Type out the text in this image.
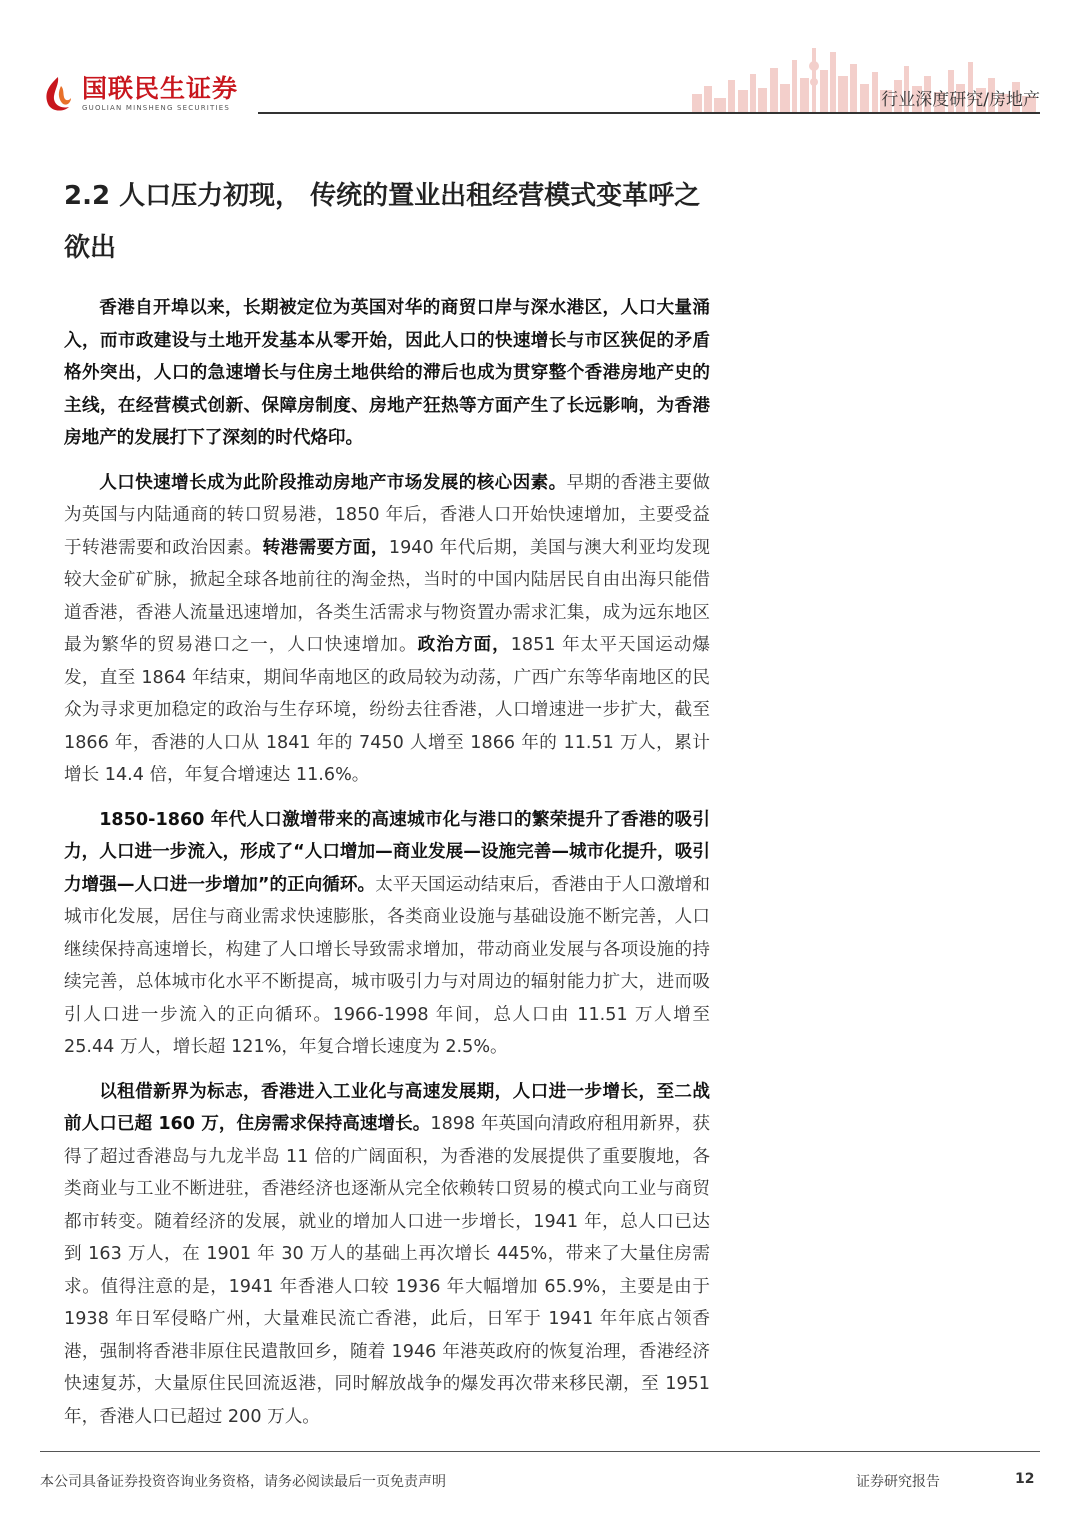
国联民生证券
GUOLIAN MINSHENG SECURITIES	行业深度研究/房地产
2.2 人口压力初现， 传统的置业出租经营模式变革呼之欲出

香港自开埠以来，长期被定位为英国对华的商贸口岸与深水港区，人口大量涌入，而市政建设与土地开发基本从零开始，因此人口的快速增长与市区狭促的矛盾格外突出，人口的急速增长与住房土地供给的滞后也成为贯穿整个香港房地产史的主线，在经营模式创新、保障房制度、房地产狂热等方面产生了长远影响，为香港房地产的发展打下了深刻的时代烙印。

人口快速增长成为此阶段推动房地产市场发展的核心因素。早期的香港主要做为英国与内陆通商的转口贸易港，1850 年后，香港人口开始快速增加，主要受益于转港需要和政治因素。转港需要方面，1940 年代后期，美国与澳大利亚均发现较大金矿矿脉，掀起全球各地前往的淘金热，当时的中国内陆居民自由出海只能借道香港，香港人流量迅速增加，各类生活需求与物资置办需求汇集，成为远东地区最为繁华的贸易港口之一，人口快速增加。政治方面，1851 年太平天国运动爆发，直至 1864 年结束，期间华南地区的政局较为动荡，广西广东等华南地区的民众为寻求更加稳定的政治与生存环境，纷纷去往香港，人口增速进一步扩大，截至 1866 年，香港的人口从 1841 年的 7450 人增至 1866 年的 11.51 万人，累计增长 14.4 倍，年复合增速达 11.6%。

1850-1860 年代人口激增带来的高速城市化与港口的繁荣提升了香港的吸引力，人口进一步流入，形成了“人口增加—商业发展—设施完善—城市化提升，吸引力增强—人口进一步增加”的正向循环。太平天国运动结束后，香港由于人口激增和城市化发展，居住与商业需求快速膨胀，各类商业设施与基础设施不断完善，人口继续保持高速增长，构建了人口增长导致需求增加，带动商业发展与各项设施的持续完善，总体城市化水平不断提高，城市吸引力与对周边的辐射能力扩大，进而吸引人口进一步流入的正向循环。1966-1998 年间，总人口由 11.51 万人增至 25.44 万人，增长超 121%，年复合增长速度为 2.5%。

以租借新界为标志，香港进入工业化与高速发展期，人口进一步增长，至二战前人口已超 160 万，住房需求保持高速增长。1898 年英国向清政府租用新界，获得了超过香港岛与九龙半岛 11 倍的广阔面积，为香港的发展提供了重要腹地，各类商业与工业不断进驻，香港经济也逐渐从完全依赖转口贸易的模式向工业与商贸都市转变。随着经济的发展，就业的增加人口进一步增长，1941 年，总人口已达到 163 万人，在 1901 年 30 万人的基础上再次增长 445%，带来了大量住房需求。值得注意的是，1941 年香港人口较 1936 年大幅增加 65.9%，主要是由于 1938 年日军侵略广州，大量难民流亡香港，此后，日军于 1941 年年底占领香港，强制将香港非原住民遣散回乡，随着 1946 年港英政府的恢复治理，香港经济快速复苏，大量原住民回流返港，同时解放战争的爆发再次带来移民潮，至 1951 年，香港人口已超过 200 万人。

本公司具备证券投资咨询业务资格，请务必阅读最后一页免责声明	证券研究报告	12
